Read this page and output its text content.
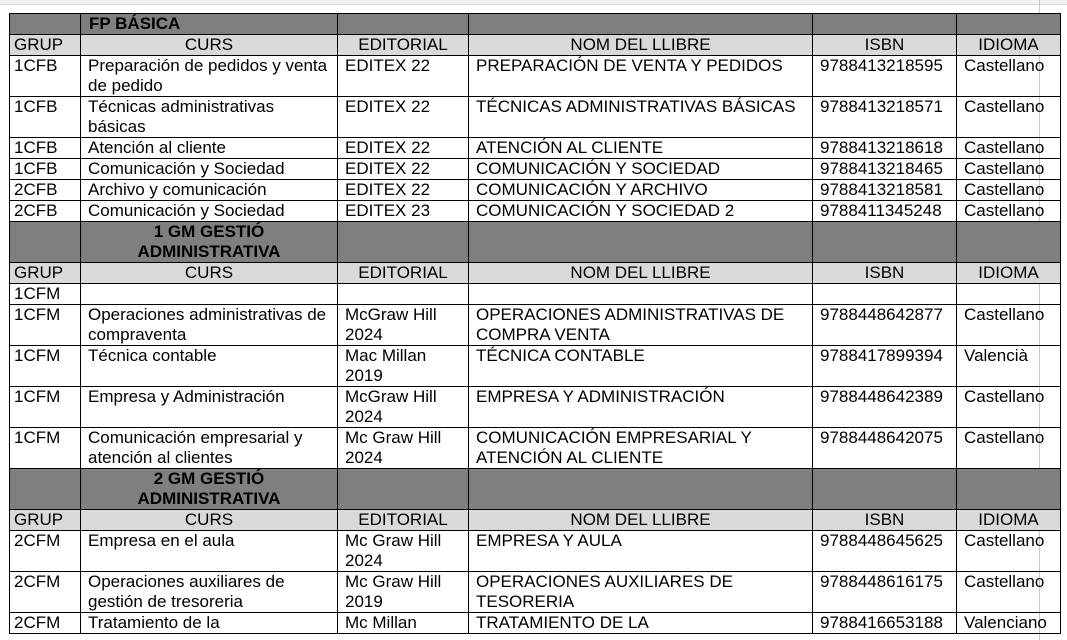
	FP BÁSICA				
GRUP	CURS	EDITORIAL	NOM DEL LLIBRE	ISBN	IDIOMA
1CFB	Preparación de pedidos y venta de pedido	EDITEX 22	PREPARACIÓN DE VENTA Y PEDIDOS	9788413218595	Castellano
1CFB	Técnicas administrativas básicas	EDITEX 22	TÉCNICAS ADMINISTRATIVAS BÁSICAS	9788413218571	Castellano
1CFB	Atención al cliente	EDITEX 22	ATENCIÓN AL CLIENTE	9788413218618	Castellano
1CFB	Comunicación y Sociedad	EDITEX 22	COMUNICACIÓN Y SOCIEDAD	9788413218465	Castellano
2CFB	Archivo y comunicación	EDITEX 22	COMUNICACIÓN Y ARCHIVO	9788413218581	Castellano
2CFB	Comunicación y Sociedad	EDITEX 23	COMUNICACIÓN Y SOCIEDAD 2	9788411345248	Castellano
	1 GM GESTIÓ ADMINISTRATIVA				
GRUP	CURS	EDITORIAL	NOM DEL LLIBRE	ISBN	IDIOMA
1CFM					
1CFM	Operaciones administrativas de compraventa	McGraw Hill 2024	OPERACIONES ADMINISTRATIVAS DE COMPRA VENTA	9788448642877	Castellano
1CFM	Técnica contable	Mac Millan 2019	TÉCNICA CONTABLE	9788417899394	Valencià
1CFM	Empresa y Administración	McGraw Hill 2024	EMPRESA Y ADMINISTRACIÓN	9788448642389	Castellano
1CFM	Comunicación empresarial y atención al clientes	Mc Graw Hill 2024	COMUNICACIÓN EMPRESARIAL Y ATENCIÓN AL CLIENTE	9788448642075	Castellano
	2 GM GESTIÓ ADMINISTRATIVA				
GRUP	CURS	EDITORIAL	NOM DEL LLIBRE	ISBN	IDIOMA
2CFM	Empresa en el aula	Mc Graw Hill 2024	EMPRESA Y AULA	9788448645625	Castellano
2CFM	Operaciones auxiliares de gestión de tresoreria	Mc Graw Hill 2019	OPERACIONES AUXILIARES DE TESORERIA	9788448616175	Castellano
2CFM	Tratamiento de la	Mc Millan	TRATAMIENTO DE LA	9788416653188	Valenciano
